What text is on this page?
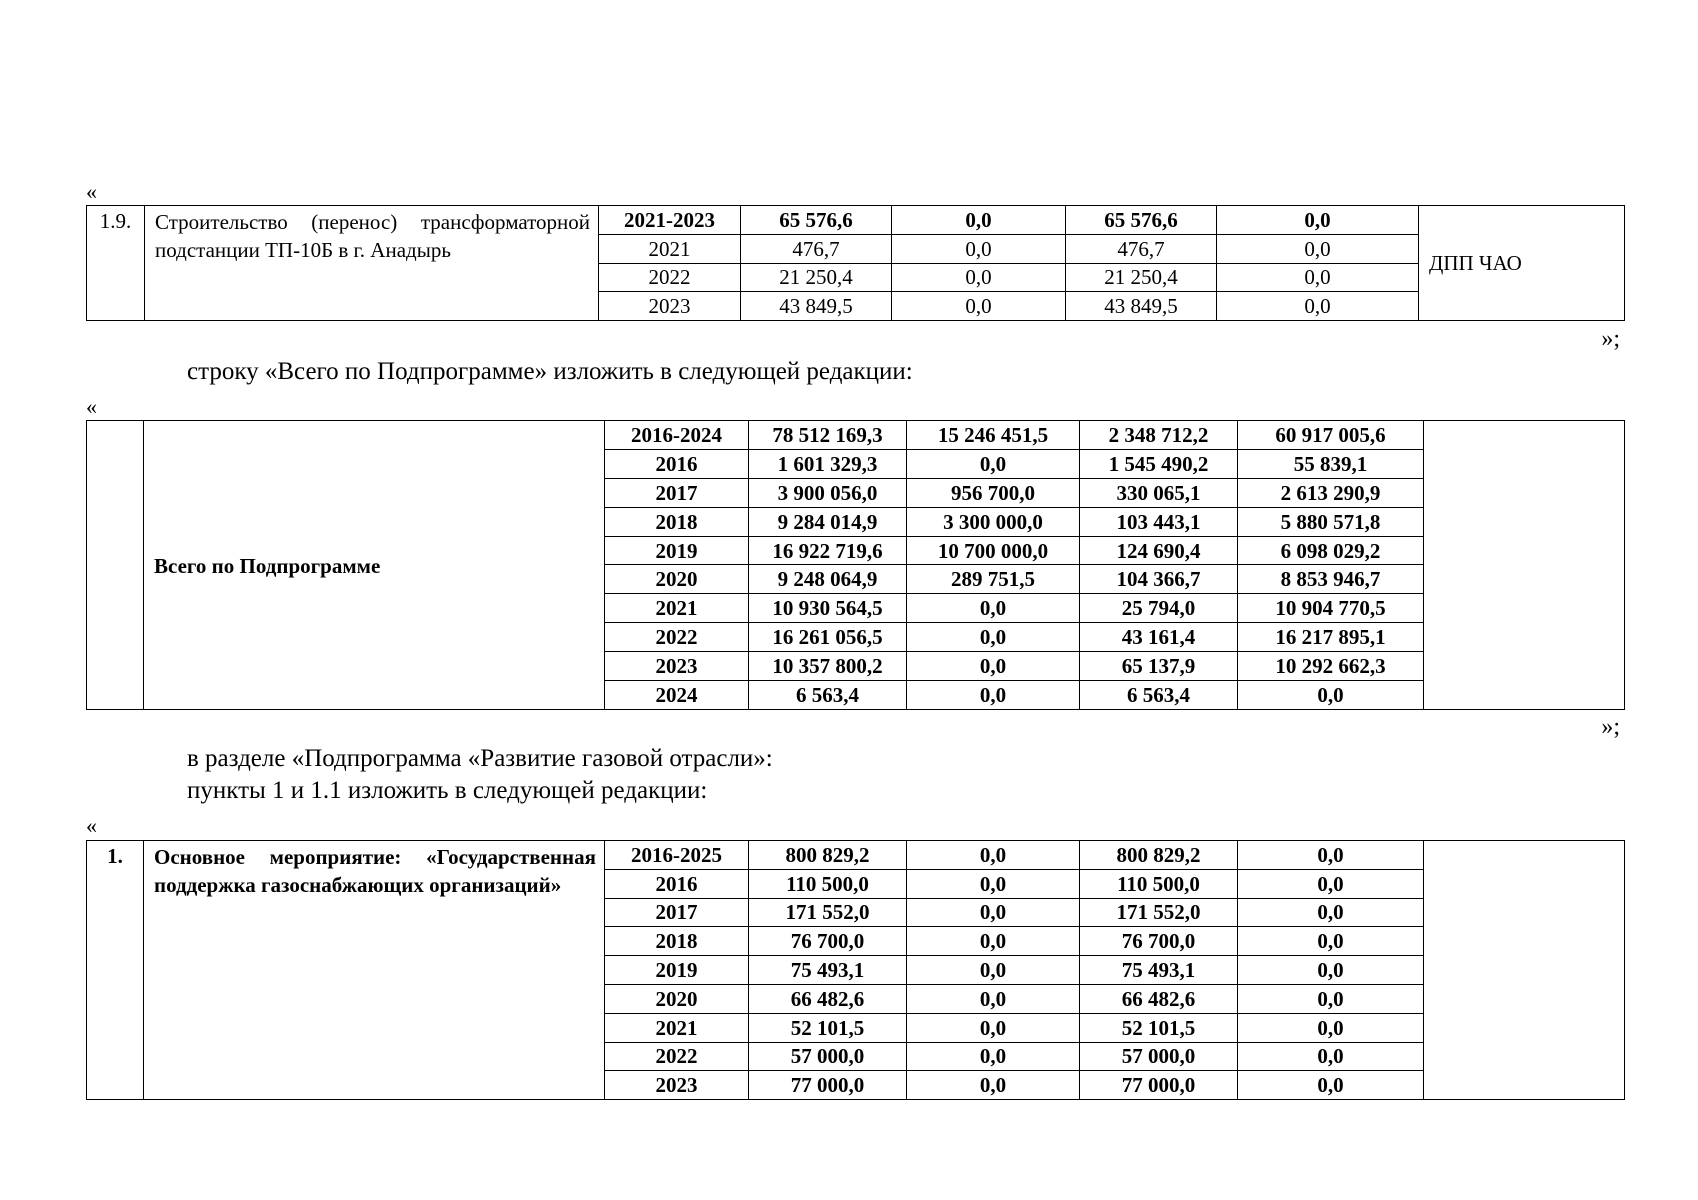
«
1.9.	Строительство (перенос) трансформаторной подстанции ТП-10Б в г. Анадырь	2021-2023	65 576,6	0,0	65 576,6	0,0	ДПП ЧАО
		2021	476,7	0,0	476,7	0,0	
		2022	21 250,4	0,0	21 250,4	0,0	
		2023	43 849,5	0,0	43 849,5	0,0	
»;
строку «Всего по Подпрограмме» изложить в следующей редакции:
«
	Всего по Подпрограмме	2016-2024	78 512 169,3	15 246 451,5	2 348 712,2	60 917 005,6	
		2016	1 601 329,3	0,0	1 545 490,2	55 839,1	
		2017	3 900 056,0	956 700,0	330 065,1	2 613 290,9	
		2018	9 284 014,9	3 300 000,0	103 443,1	5 880 571,8	
		2019	16 922 719,6	10 700 000,0	124 690,4	6 098 029,2	
		2020	9 248 064,9	289 751,5	104 366,7	8 853 946,7	
		2021	10 930 564,5	0,0	25 794,0	10 904 770,5	
		2022	16 261 056,5	0,0	43 161,4	16 217 895,1	
		2023	10 357 800,2	0,0	65 137,9	10 292 662,3	
		2024	6 563,4	0,0	6 563,4	0,0	
»;
в разделе «Подпрограмма «Развитие газовой отрасли»:
пункты 1 и 1.1 изложить в следующей редакции:
«
1.	Основное мероприятие: «Государственная поддержка газоснабжающих организаций»	2016-2025	800 829,2	0,0	800 829,2	0,0	
		2016	110 500,0	0,0	110 500,0	0,0	
		2017	171 552,0	0,0	171 552,0	0,0	
		2018	76 700,0	0,0	76 700,0	0,0	
		2019	75 493,1	0,0	75 493,1	0,0	
		2020	66 482,6	0,0	66 482,6	0,0	
		2021	52 101,5	0,0	52 101,5	0,0	
		2022	57 000,0	0,0	57 000,0	0,0	
		2023	77 000,0	0,0	77 000,0	0,0	
